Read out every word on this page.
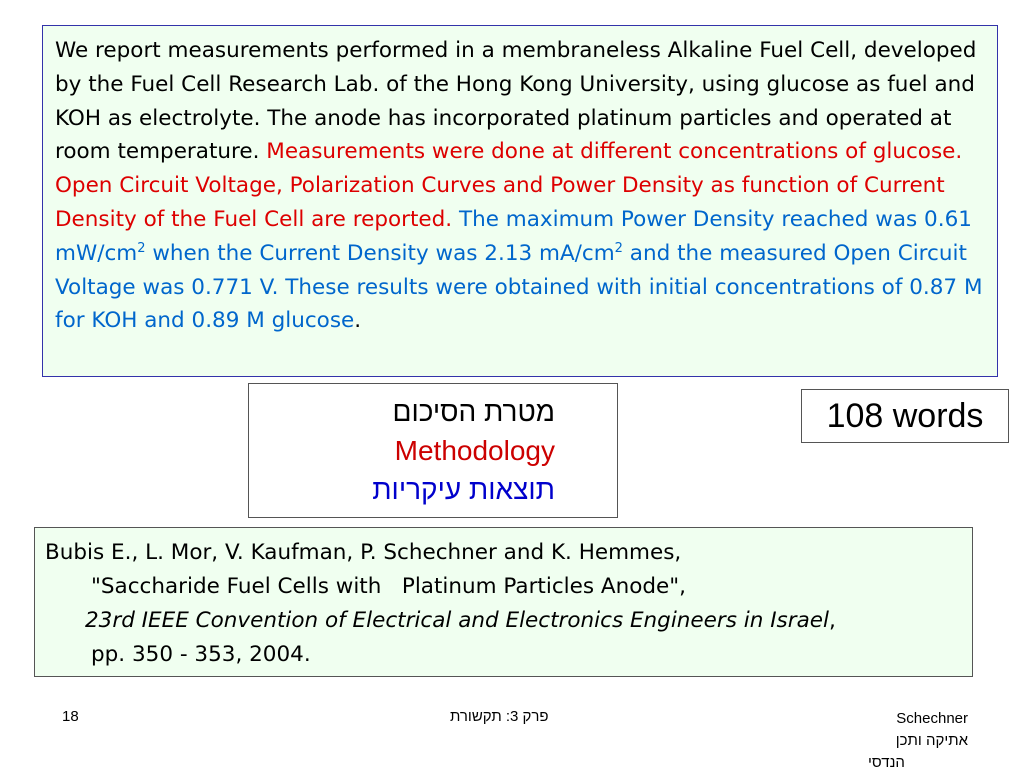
We report measurements performed in a membraneless Alkaline Fuel Cell, developed by the Fuel Cell Research Lab. of the Hong Kong University, using glucose as fuel and KOH as electrolyte. The anode has incorporated platinum particles and operated at room temperature. Measurements were done at different concentrations of glucose. Open Circuit Voltage, Polarization Curves and Power Density as function of Current Density of the Fuel Cell are reported. The maximum Power Density reached was 0.61 $mW/cm^2$ when the Current Density was 2.13 $mA/cm^2$ and the measured Open Circuit Voltage was 0.771 V. These results were obtained with initial concentrations of 0.87 M for KOH and 0.89 M glucose.
מטרת הסיכום
Methodology
תוצאות עיקריות
108 words
Bubis E., L. Mor, V. Kaufman, P. Schechner and K. Hemmes,
"Saccharide Fuel Cells with   Platinum Particles Anode",
23rd IEEE Convention of Electrical and Electronics Engineers in Israel,
pp. 350 - 353, 2004.
18	פרק 3: תקשורת	Schechner אתיקה ותכן
הנדסי
